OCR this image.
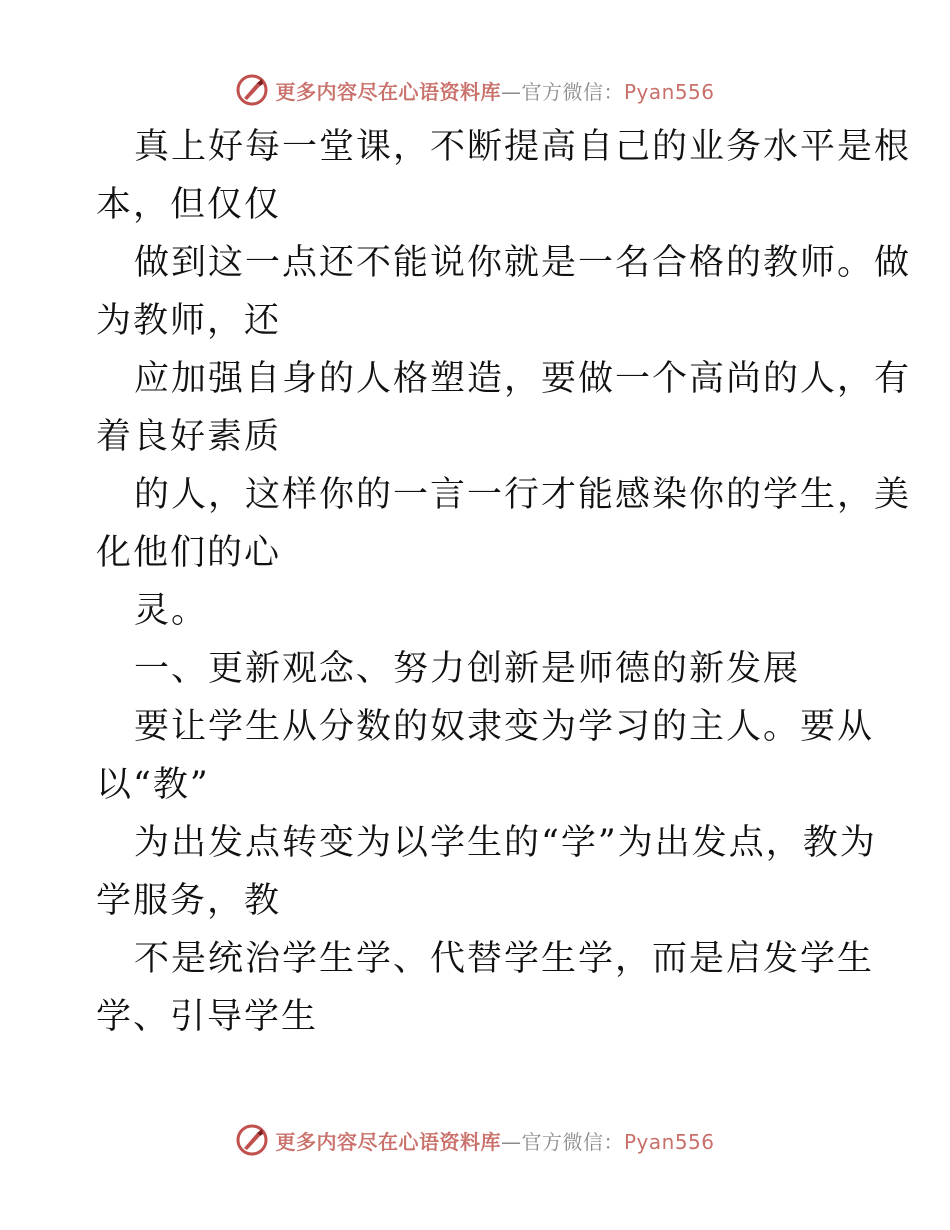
更多内容尽在心语资料库—官方微信：Pyan556
真上好每一堂课，不断提高自己的业务水平是根
本，但仅仅
做到这一点还不能说你就是一名合格的教师。做
为教师，还
应加强自身的人格塑造，要做一个高尚的人，有
着良好素质
的人，这样你的一言一行才能感染你的学生，美
化他们的心
灵。
一、更新观念、努力创新是师德的新发展
要让学生从分数的奴隶变为学习的主人。要从
以“教”
为出发点转变为以学生的“学”为出发点，教为
学服务，教
不是统治学生学、代替学生学，而是启发学生
学、引导学生
更多内容尽在心语资料库—官方微信：Pyan556
